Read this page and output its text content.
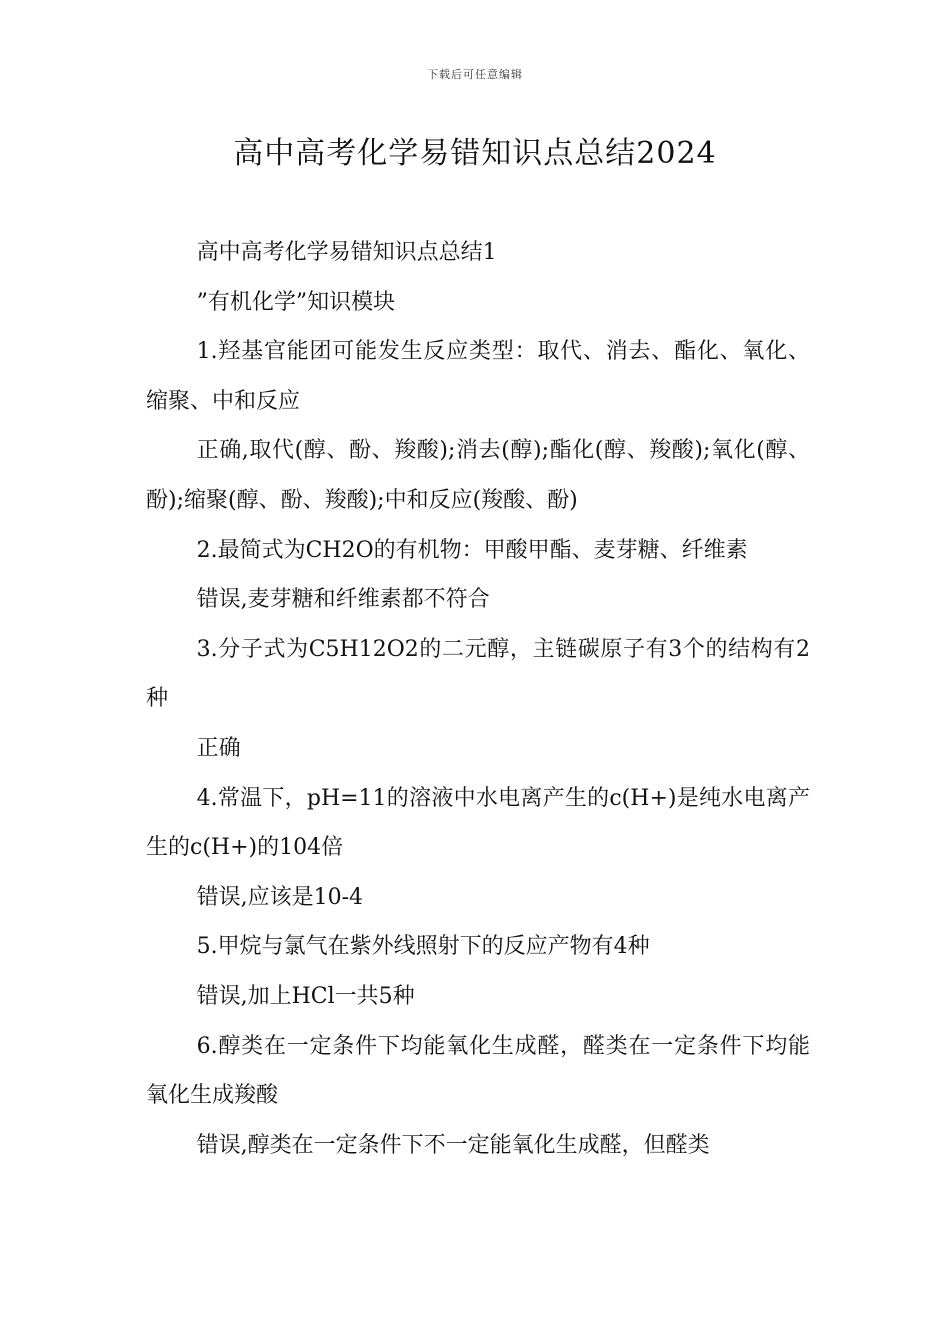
下载后可任意编辑
高中高考化学易错知识点总结2024

高中高考化学易错知识点总结1

”有机化学”知识模块

1.羟基官能团可能发生反应类型：取代、消去、酯化、氧化、缩聚、中和反应

正确,取代(醇、酚、羧酸);消去(醇);酯化(醇、羧酸);氧化(醇、酚);缩聚(醇、酚、羧酸);中和反应(羧酸、酚)

2.最简式为CH2O的有机物：甲酸甲酯、麦芽糖、纤维素

错误,麦芽糖和纤维素都不符合

3.分子式为C5H12O2的二元醇，主链碳原子有3个的结构有2种

正确

4.常温下，pH=11的溶液中水电离产生的c(H+)是纯水电离产生的c(H+)的104倍

错误,应该是10-4

5.甲烷与氯气在紫外线照射下的反应产物有4种

错误,加上HCl一共5种

6.醇类在一定条件下均能氧化生成醛，醛类在一定条件下均能氧化生成羧酸

错误,醇类在一定条件下不一定能氧化生成醛，但醛类
